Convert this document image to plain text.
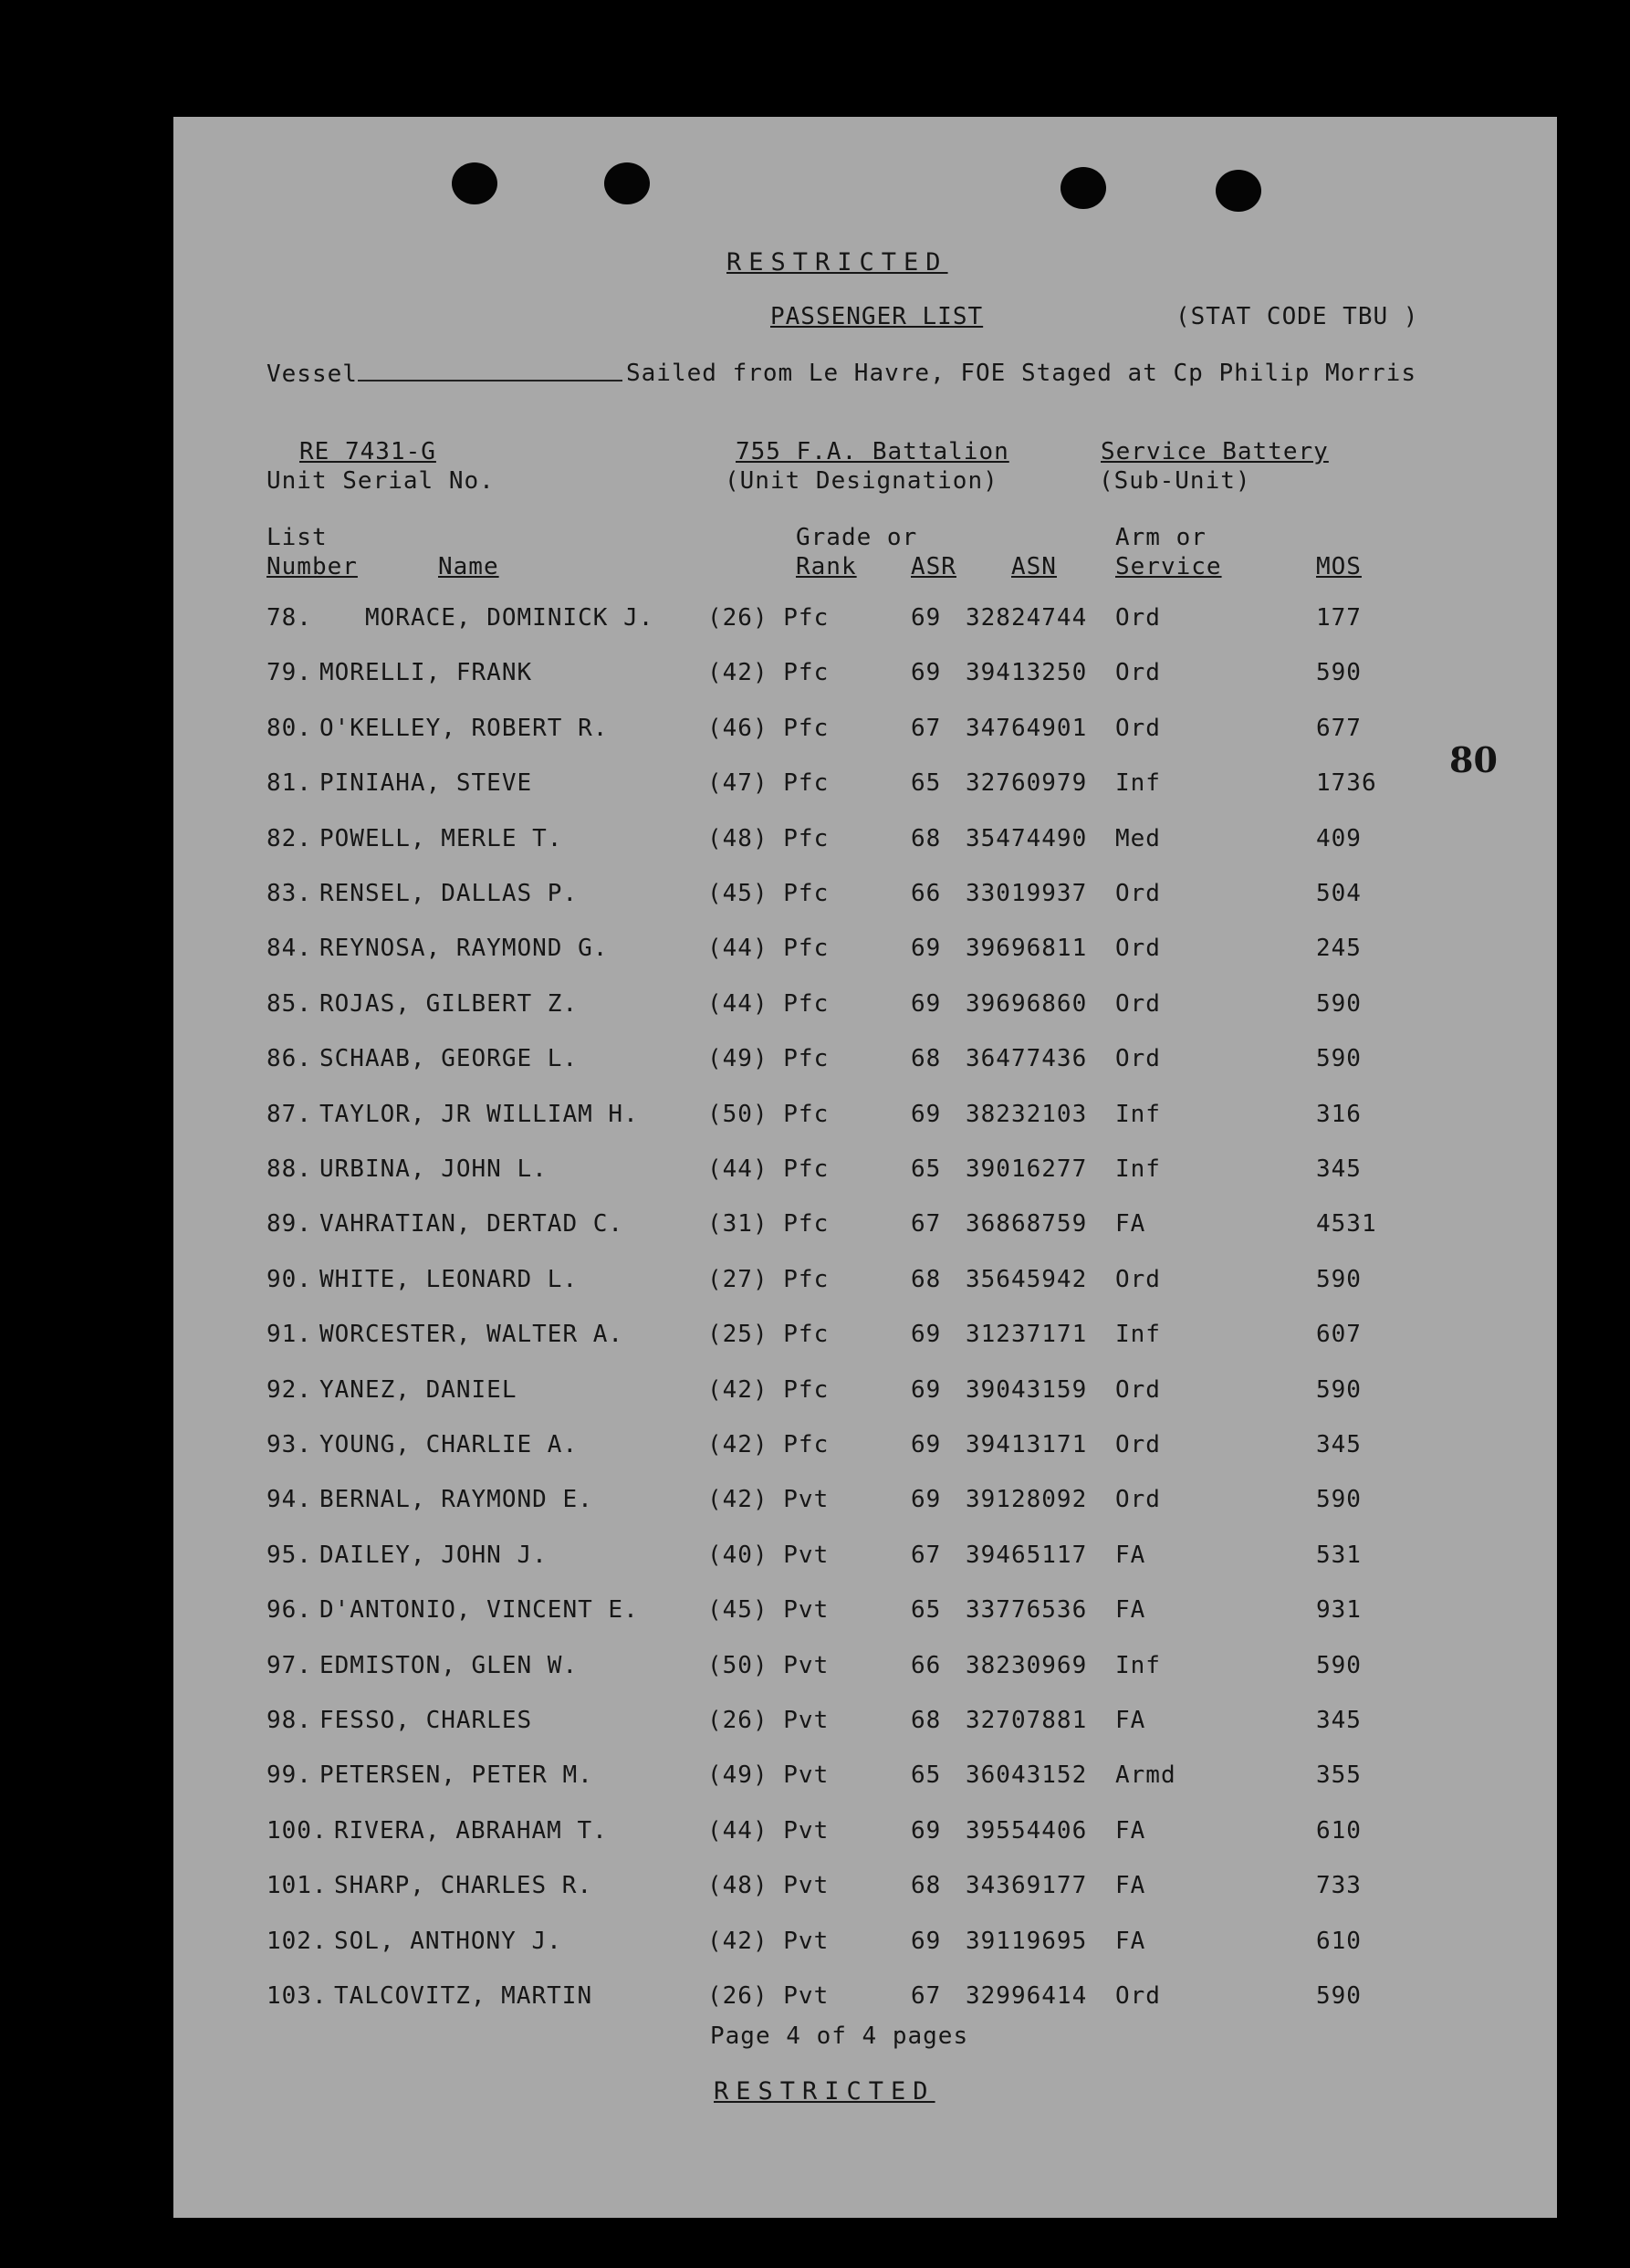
RESTRICTED
PASSENGER LIST	(STAT CODE TBU )
Vessel	Sailed from Le Havre, FOE Staged at Cp Philip Morris
RE 7431-G
Unit Serial No.
755 F.A. Battalion
(Unit Designation)
Service Battery
(Sub-Unit)
List
Number	Name
Grade or
Rank ASR ASN
Arm or
Service	MOS
80
78. MORACE, DOMINICK J. (26) Pfc	69 32824744 Ord	177
79. MORELLI, FRANK	(42) Pfc	69 39413250 Ord	590
80. O'KELLEY, ROBERT R.	(46) Pfc	67 34764901 Ord	677
81. PINIAHA, STEVE	(47) Pfc	65 32760979 Inf	1736
82. POWELL, MERLE T.	(48) Pfc	68 35474490 Med	409
83. RENSEL, DALLAS P.	(45) Pfc	66 33019937 Ord	504
84. REYNOSA, RAYMOND G.	(44) Pfc	69 39696811 Ord	245
85. ROJAS, GILBERT Z.	(44) Pfc	69 39696860 Ord	590
86. SCHAAB, GEORGE L.	(49) Pfc	68 36477436 Ord	590
87. TAYLOR, JR WILLIAM H.	(50) Pfc	69 38232103 Inf	316
88. URBINA, JOHN L.	(44) Pfc	65 39016277 Inf	345
89. VAHRATIAN, DERTAD C.	(31) Pfc	67 36868759 FA	4531
90. WHITE, LEONARD L.	(27) Pfc	68 35645942 Ord	590
91. WORCESTER, WALTER A.	(25) Pfc	69 31237171 Inf	607
92. YANEZ, DANIEL	(42) Pfc	69 39043159 Ord	590
93. YOUNG, CHARLIE A.	(42) Pfc	69 39413171 Ord	345
94. BERNAL, RAYMOND E.	(42) Pvt	69 39128092 Ord	590
95. DAILEY, JOHN J.	(40) Pvt	67 39465117 FA	531
96. D'ANTONIO, VINCENT E.	(45) Pvt	65 33776536 FA	931
97. EDMISTON, GLEN W.	(50) Pvt	66 38230969 Inf	590
98. FESSO, CHARLES	(26) Pvt	68 32707881 FA	345
99. PETERSEN, PETER M.	(49) Pvt	65 36043152 Armd	355
100. RIVERA, ABRAHAM T.	(44) Pvt	69 39554406 FA	610
101. SHARP, CHARLES R.	(48) Pvt	68 34369177 FA	733
102. SOL, ANTHONY J.	(42) Pvt	69 39119695 FA	610
103. TALCOVITZ, MARTIN	(26) Pvt	67 32996414 Ord	590
Page 4 of 4 pages
RESTRICTED
